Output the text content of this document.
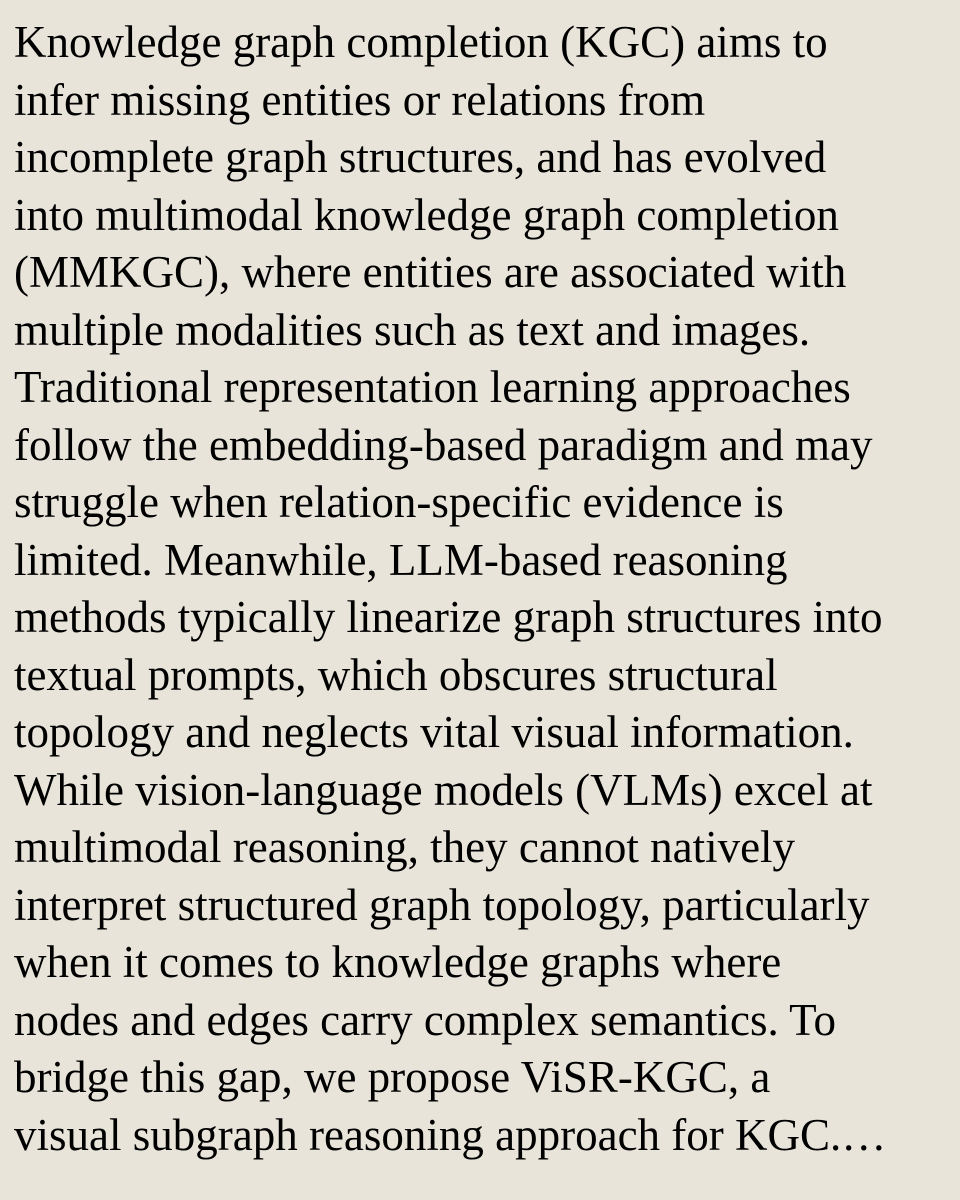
Knowledge graph completion (KGC) aims to
infer missing entities or relations from
incomplete graph structures, and has evolved
into multimodal knowledge graph completion
(MMKGC), where entities are associated with
multiple modalities such as text and images.
Traditional representation learning approaches
follow the embedding-based paradigm and may
struggle when relation-specific evidence is
limited. Meanwhile, LLM-based reasoning
methods typically linearize graph structures into
textual prompts, which obscures structural
topology and neglects vital visual information.
While vision-language models (VLMs) excel at
multimodal reasoning, they cannot natively
interpret structured graph topology, particularly
when it comes to knowledge graphs where
nodes and edges carry complex semantics. To
bridge this gap, we propose ViSR-KGC, a
visual subgraph reasoning approach for KGC.…
